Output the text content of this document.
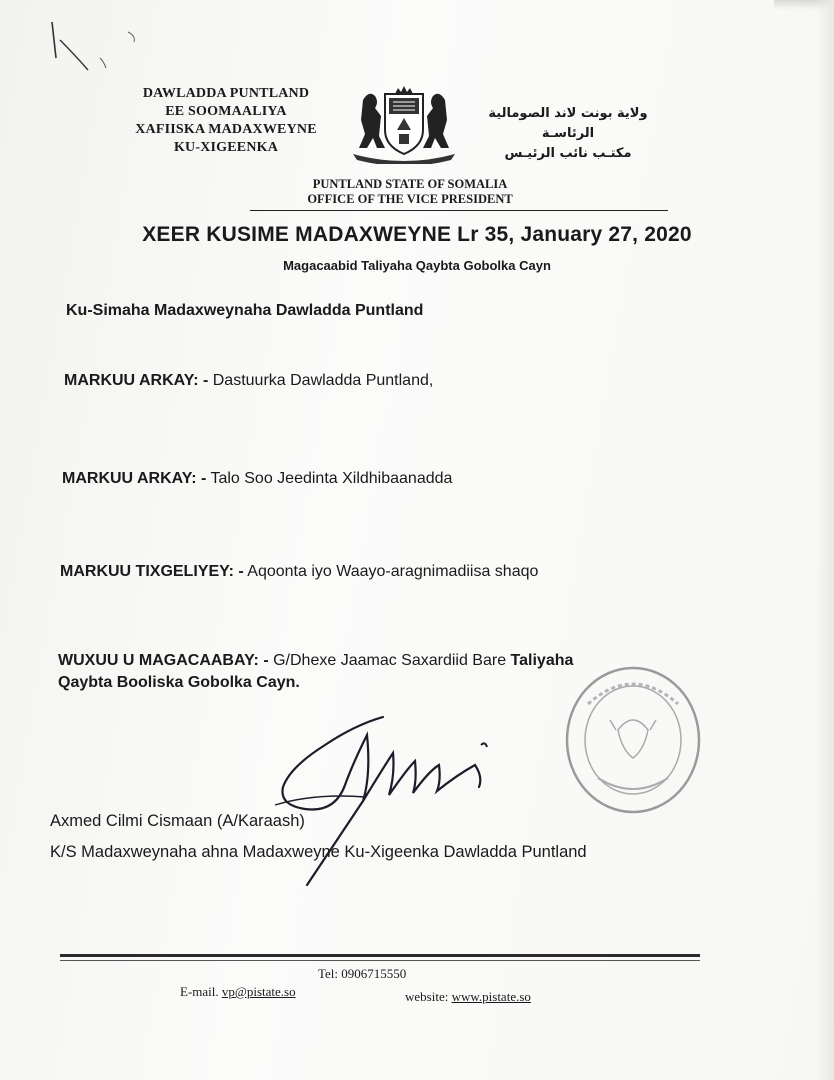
DAWLADDA PUNTLAND
EE SOOMAALIYA
XAFIISKA MADAXWEYNE
KU-XIGEENKA
ولاية بونت لاند الصومالية
الرئاسـة
مكتـب نائب الرئيـس
PUNTLAND STATE OF SOMALIA
OFFICE OF THE VICE PRESIDENT
XEER KUSIME MADAXWEYNE Lr 35, January 27, 2020
Magacaabid Taliyaha Qaybta Gobolka Cayn
Ku-Simaha Madaxweynaha Dawladda Puntland
MARKUU ARKAY: - Dastuurka Dawladda Puntland,
MARKUU ARKAY: - Talo Soo Jeedinta Xildhibaanadda
MARKUU TIXGELIYEY: - Aqoonta iyo Waayo-aragnimadiisa shaqo
WUXUU U MAGACAABAY: - G/Dhexe Jaamac Saxardiid Bare Taliyaha
Qaybta Booliska Gobolka Cayn.
Axmed Cilmi Cismaan (A/Karaash)
K/S Madaxweynaha ahna Madaxweyne Ku-Xigeenka Dawladda Puntland
Tel: 0906715550
E-mail. vp@pistate.so	website: www.pistate.so
